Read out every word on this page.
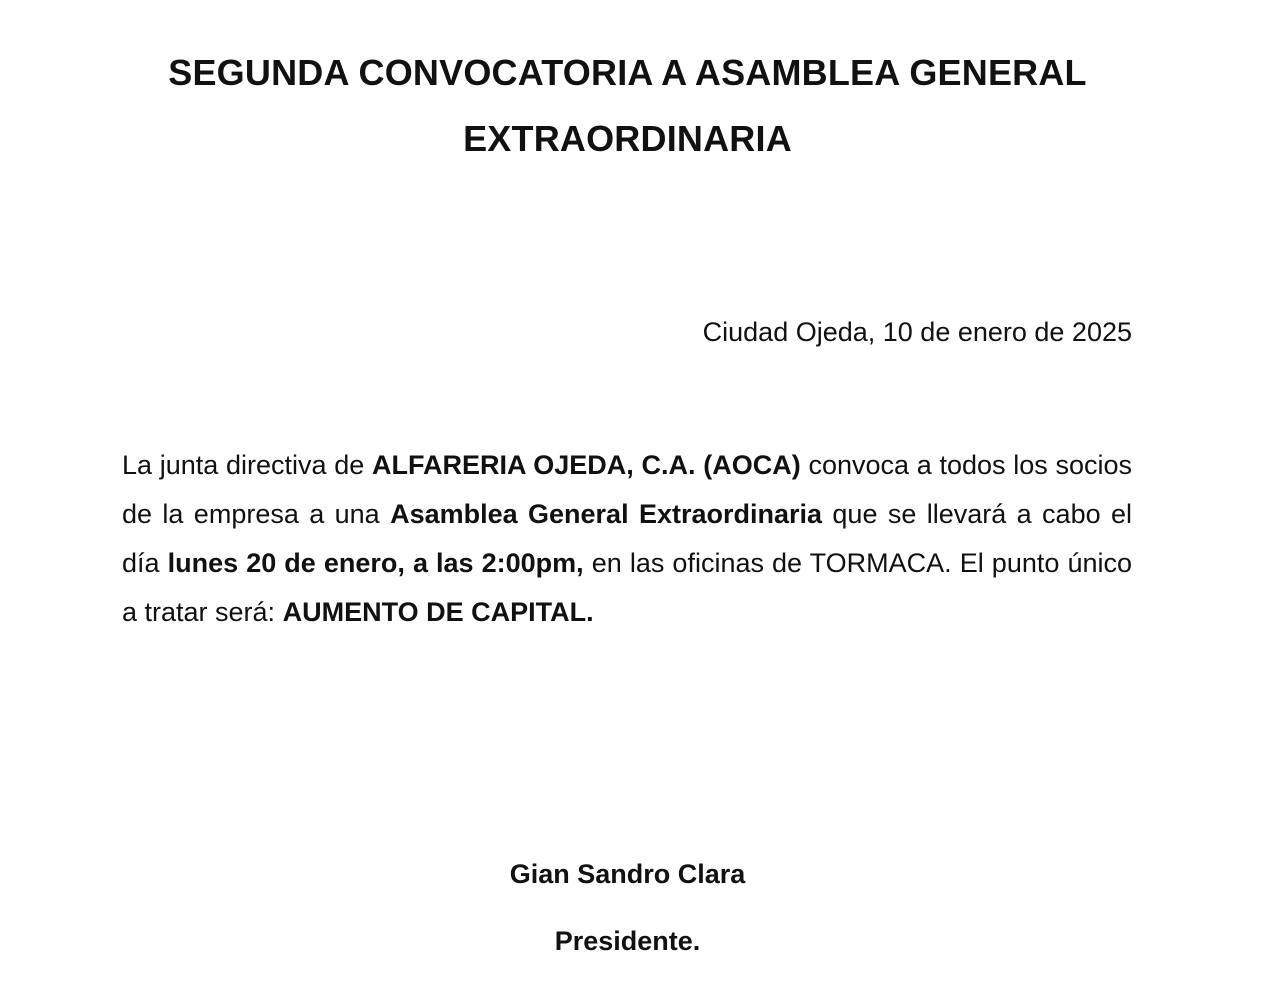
SEGUNDA CONVOCATORIA A ASAMBLEA GENERAL EXTRAORDINARIA

Ciudad Ojeda, 10 de enero de 2025

La junta directiva de ALFARERIA OJEDA, C.A. (AOCA) convoca a todos los socios de la empresa a una Asamblea General Extraordinaria que se llevará a cabo el día lunes 20 de enero, a las 2:00pm, en las oficinas de TORMACA. El punto único a tratar será: AUMENTO DE CAPITAL.

Gian Sandro Clara

Presidente.
